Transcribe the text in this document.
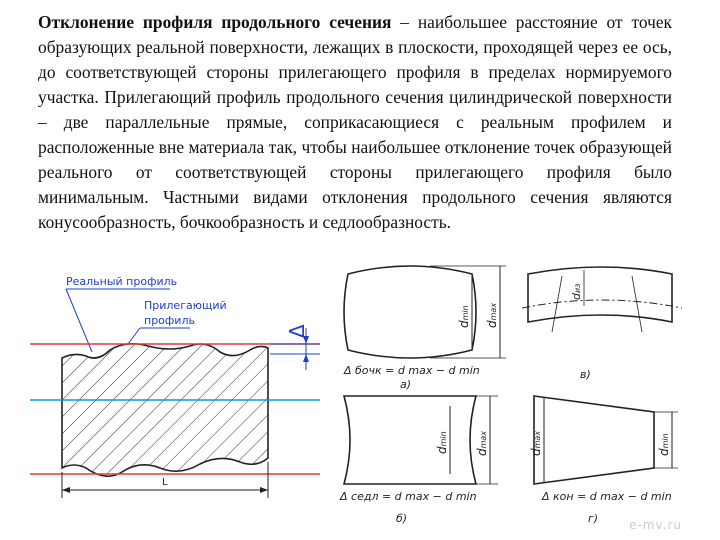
Отклонение профиля продольного сечения – наибольшее расстояние от точек образующих реальной поверхности, лежащих в плоскости, проходящей через ее ось, до соответствующей стороны прилегающего профиля в пределах нормируемого участка. Прилегающий профиль продольного сечения цилиндрической поверхности – две параллельные прямые, соприкасающиеся с реальным профилем и расположенные вне материала так, чтобы наибольшее отклонение точек образующей реального от соответствующей стороны прилегающего профиля было минимальным. Частными видами отклонения продольного сечения являются конусообразность, бочкообразность и седлообразность.

Реальный профиль
Прилегающий
профиль
Δ
L
dmin
dmax
Δ бочк = d max − d min
а)
dиз
в)
dmin
dmax
Δ седл = d max − d min
б)
dmax
dmin
Δ кон = d max − d min
г)	e-mv.ru
